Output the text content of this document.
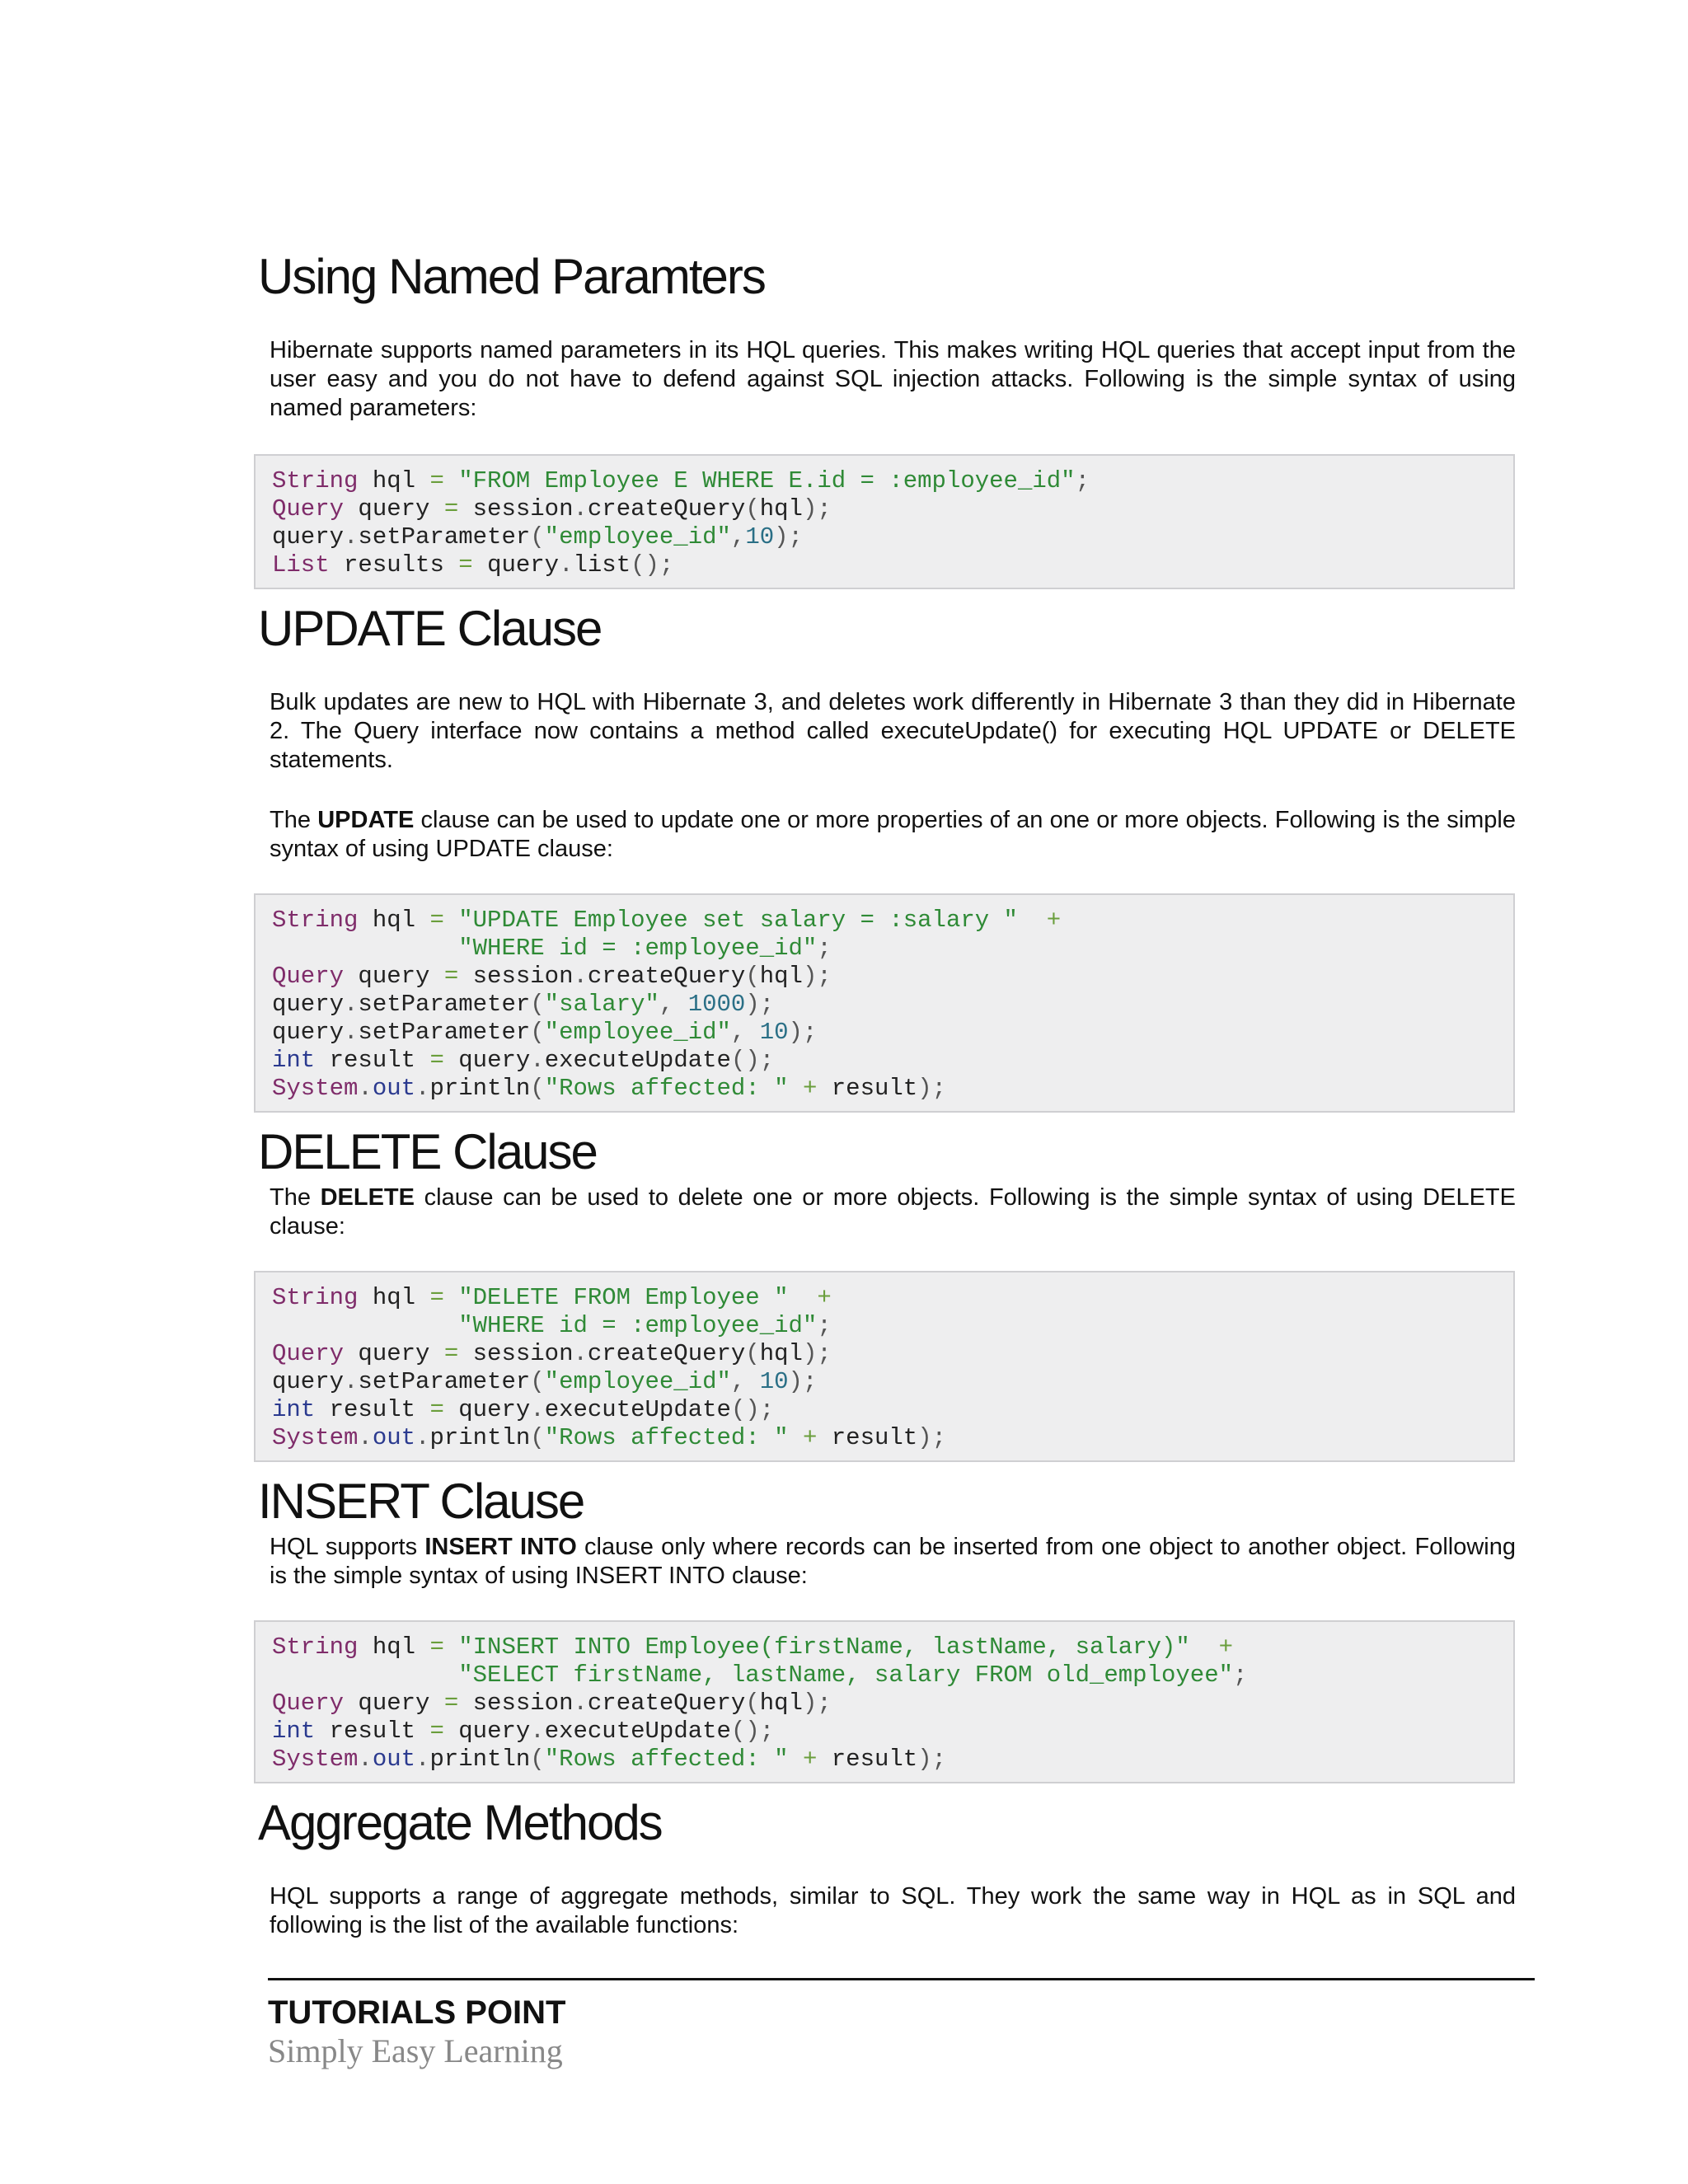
Using Named Paramters

Hibernate supports named parameters in its HQL queries. This makes writing HQL queries that accept input from the user easy and you do not have to defend against SQL injection attacks. Following is the simple syntax of using named parameters:

String hql = "FROM Employee E WHERE E.id = :employee_id";
Query query = session.createQuery(hql);
query.setParameter("employee_id",10);
List results = query.list();
UPDATE Clause

Bulk updates are new to HQL with Hibernate 3, and deletes work differently in Hibernate 3 than they did in Hibernate 2. The Query interface now contains a method called executeUpdate() for executing HQL UPDATE or DELETE statements.

The UPDATE clause can be used to update one or more properties of an one or more objects. Following is the simple syntax of using UPDATE clause:

String hql = "UPDATE Employee set salary = :salary " +
"WHERE id = :employee_id";
Query query = session.createQuery(hql);
query.setParameter("salary", 1000);
query.setParameter("employee_id", 10);
int result = query.executeUpdate();
System.out.println("Rows affected: " + result);
DELETE Clause

The DELETE clause can be used to delete one or more objects. Following is the simple syntax of using DELETE clause:

String hql = "DELETE FROM Employee " +
"WHERE id = :employee_id";
Query query = session.createQuery(hql);
query.setParameter("employee_id", 10);
int result = query.executeUpdate();
System.out.println("Rows affected: " + result);
INSERT Clause

HQL supports INSERT INTO clause only where records can be inserted from one object to another object. Following is the simple syntax of using INSERT INTO clause:

String hql = "INSERT INTO Employee(firstName, lastName, salary)" +
"SELECT firstName, lastName, salary FROM old_employee";
Query query = session.createQuery(hql);
int result = query.executeUpdate();
System.out.println("Rows affected: " + result);
Aggregate Methods

HQL supports a range of aggregate methods, similar to SQL. They work the same way in HQL as in SQL and following is the list of the available functions:

TUTORIALS POINT
Simply Easy Learning
